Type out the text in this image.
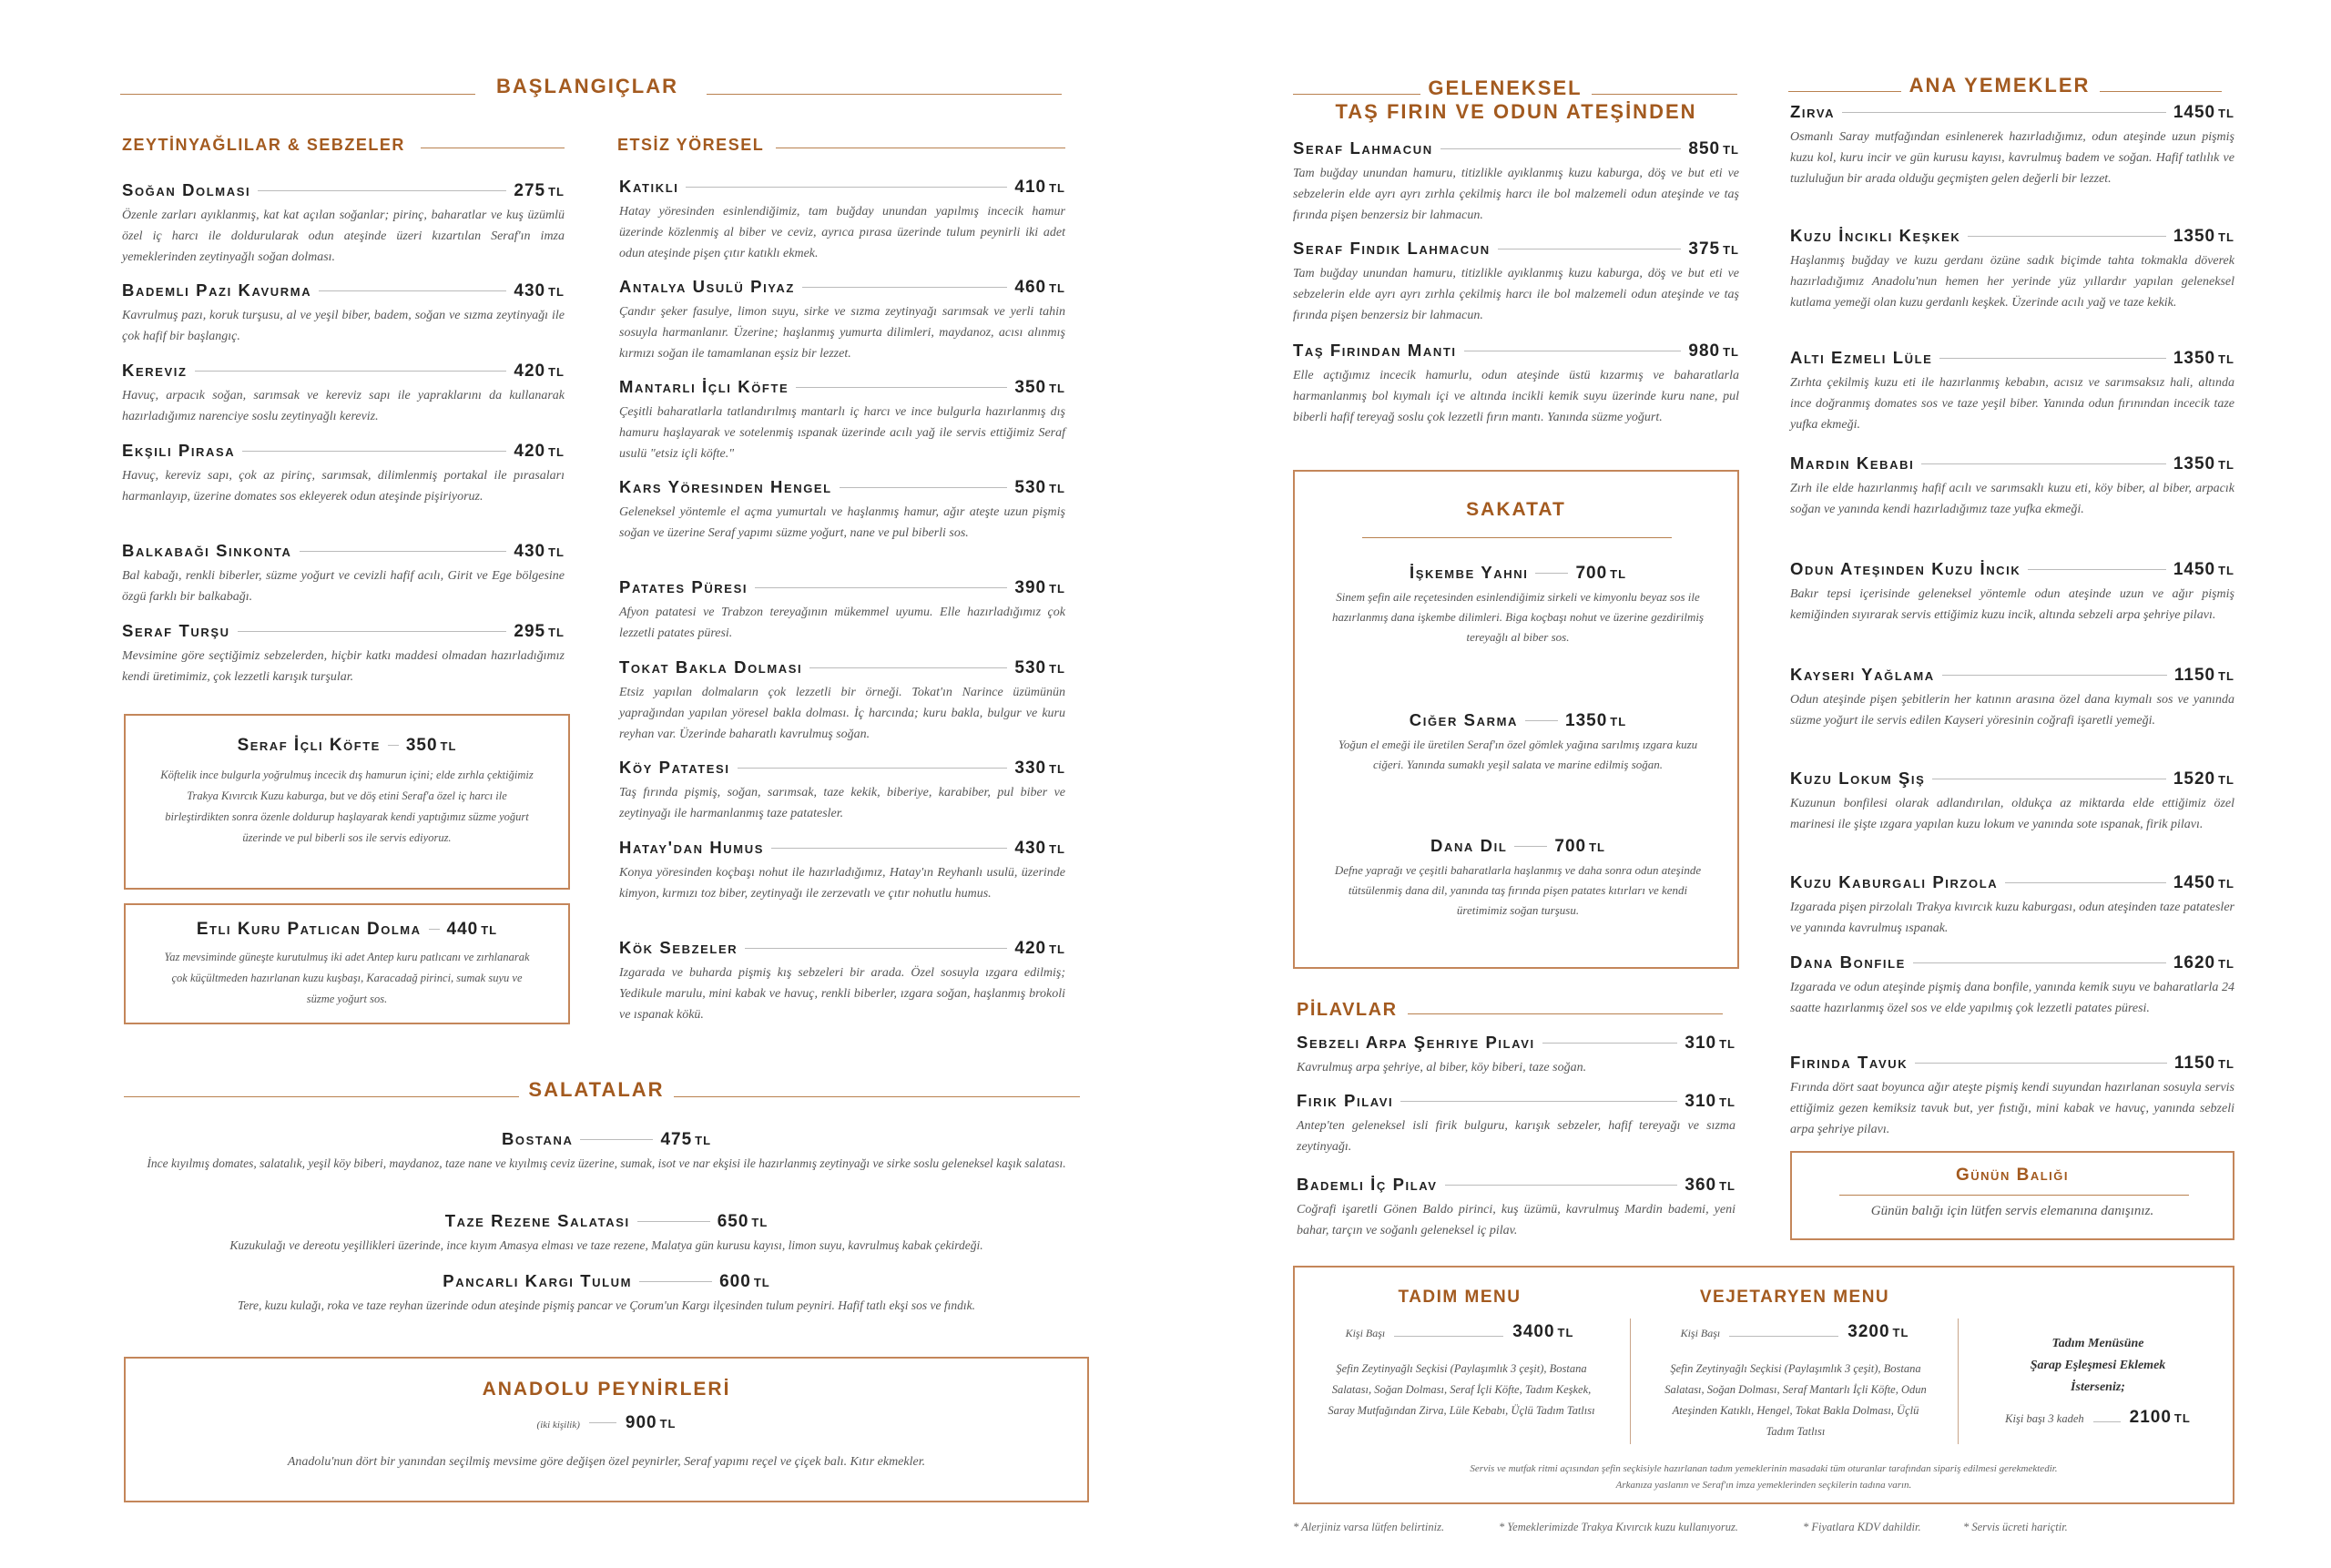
BAŞLANGIÇLAR
ZEYTİNYAĞLILAR & SEBZELER
Soğan Dolması	275 TL
Özenle zarları ayıklanmış, kat kat açılan soğanlar; pirinç, baharatlar ve kuş üzümlü özel iç harcı ile doldurularak odun ateşinde üzeri kızartılan Seraf'ın imza yemeklerinden zeytinyağlı soğan dolması.
Bademli Pazı Kavurma	430 TL
Kavrulmuş pazı, koruk turşusu, al ve yeşil biber, badem, soğan ve sızma zeytinyağı ile çok hafif bir başlangıç.
Kereviz	420 TL
Havuç, arpacık soğan, sarımsak ve kereviz sapı ile yapraklarını da kullanarak hazırladığımız narenciye soslu zeytinyağlı kereviz.
Ekşili Pırasa	420 TL
Havuç, kereviz sapı, çok az pirinç, sarımsak, dilimlenmiş portakal ile pırasaları harmanlayıp, üzerine domates sos ekleyerek odun ateşinde pişiriyoruz.
Balkabağı Sinkonta	430 TL
Bal kabağı, renkli biberler, süzme yoğurt ve cevizli hafif acılı, Girit ve Ege bölgesine özgü farklı bir balkabağı.
Seraf Turşu	295 TL
Mevsimine göre seçtiğimiz sebzelerden, hiçbir katkı maddesi olmadan hazırladığımız kendi üretimimiz, çok lezzetli karışık turşular.
Seraf İçli Köfte 350 TL
Köftelik ince bulgurla yoğrulmuş incecik dış hamurun içini; elde zırhla çektiğimiz Trakya Kıvırcık Kuzu kaburga, but ve döş etini Seraf'a özel iç harcı ile birleştirdikten sonra özenle doldurup haşlayarak kendi yaptığımız süzme yoğurt üzerinde ve pul biberli sos ile servis ediyoruz.
Etli Kuru Patlıcan Dolma 440 TL
Yaz mevsiminde güneşte kurutulmuş iki adet Antep kuru patlıcanı ve zırhlanarak çok küçültmeden hazırlanan kuzu kuşbaşı, Karacadağ pirinci, sumak suyu ve süzme yoğurt sos.
ETSİZ YÖRESEL
Katıklı	410 TL
Hatay yöresinden esinlendiğimiz, tam buğday unundan yapılmış incecik hamur üzerinde közlenmiş al biber ve ceviz, ayrıca pırasa üzerinde tulum peynirli iki adet odun ateşinde pişen çıtır katıklı ekmek.
Antalya Usulü Piyaz	460 TL
Çandır şeker fasulye, limon suyu, sirke ve sızma zeytinyağı sarımsak ve yerli tahin sosuyla harmanlanır. Üzerine; haşlanmış yumurta dilimleri, maydanoz, acısı alınmış kırmızı soğan ile tamamlanan eşsiz bir lezzet.
Mantarlı İçli Köfte	350 TL
Çeşitli baharatlarla tatlandırılmış mantarlı iç harcı ve ince bulgurla hazırlanmış dış hamuru haşlayarak ve sotelenmiş ıspanak üzerinde acılı yağ ile servis ettiğimiz Seraf usulü "etsiz içli köfte."
Kars Yöresinden Hengel	530 TL
Geleneksel yöntemle el açma yumurtalı ve haşlanmış hamur, ağır ateşte uzun pişmiş soğan ve üzerine Seraf yapımı süzme yoğurt, nane ve pul biberli sos.
Patates Püresi	390 TL
Afyon patatesi ve Trabzon tereyağının mükemmel uyumu. Elle hazırladığımız çok lezzetli patates püresi.
Tokat Bakla Dolması	530 TL
Etsiz yapılan dolmaların çok lezzetli bir örneği. Tokat'ın Narince üzümünün yaprağından yapılan yöresel bakla dolması. İç harcında; kuru bakla, bulgur ve kuru reyhan var. Üzerinde baharatlı kavrulmuş soğan.
Köy Patatesi	330 TL
Taş fırında pişmiş, soğan, sarımsak, taze kekik, biberiye, karabiber, pul biber ve zeytinyağı ile harmanlanmış taze patatesler.
Hatay'dan Humus	430 TL
Konya yöresinden koçbaşı nohut ile hazırladığımız, Hatay'ın Reyhanlı usulü, üzerinde kimyon, kırmızı toz biber, zeytinyağı ile zerzevatlı ve çıtır nohutlu humus.
Kök Sebzeler	420 TL
Izgarada ve buharda pişmiş kış sebzeleri bir arada. Özel sosuyla ızgara edilmiş; Yedikule marulu, mini kabak ve havuç, renkli biberler, ızgara soğan, haşlanmış brokoli ve ıspanak kökü.
SALATALAR
Bostana	475 TL
İnce kıyılmış domates, salatalık, yeşil köy biberi, maydanoz, taze nane ve kıyılmış ceviz üzerine, sumak, isot ve nar ekşisi ile hazırlanmış zeytinyağı ve sirke soslu geleneksel kaşık salatası.
Taze Rezene Salatası	650 TL
Kuzukulağı ve dereotu yeşillikleri üzerinde, ince kıyım Amasya elması ve taze rezene, Malatya gün kurusu kayısı, limon suyu, kavrulmuş kabak çekirdeği.
Pancarlı Kargı Tulum	600 TL
Tere, kuzu kulağı, roka ve taze reyhan üzerinde odun ateşinde pişmiş pancar ve Çorum'un Kargı ilçesinden tulum peyniri. Hafif tatlı ekşi sos ve fındık.
ANADOLU PEYNİRLERİ
(iki kişilik)	900 TL
Anadolu'nun dört bir yanından seçilmiş mevsime göre değişen özel peynirler, Seraf yapımı reçel ve çiçek balı. Kıtır ekmekler.
GELENEKSEL
TAŞ FIRIN VE ODUN ATEŞİNDEN
Seraf Lahmacun	850 TL
Tam buğday unundan hamuru, titizlikle ayıklanmış kuzu kaburga, döş ve but eti ve sebzelerin elde ayrı ayrı zırhla çekilmiş harcı ile bol malzemeli odun ateşinde ve taş fırında pişen benzersiz bir lahmacun.
Seraf Fındık Lahmacun	375 TL
Tam buğday unundan hamuru, titizlikle ayıklanmış kuzu kaburga, döş ve but eti ve sebzelerin elde ayrı ayrı zırhla çekilmiş harcı ile bol malzemeli odun ateşinde ve taş fırında pişen benzersiz bir lahmacun.
Taş Fırından Mantı	980 TL
Elle açtığımız incecik hamurlu, odun ateşinde üstü kızarmış ve baharatlarla harmanlanmış bol kıymalı içi ve altında incikli kemik suyu üzerinde kuru nane, pul biberli hafif tereyağ soslu çok lezzetli fırın mantı. Yanında süzme yoğurt.
SAKATAT
İşkembe Yahni	700 TL
Sinem şefin aile reçetesinden esinlendiğimiz sirkeli ve kimyonlu beyaz sos ile hazırlanmış dana işkembe dilimleri. Biga koçbaşı nohut ve üzerine gezdirilmiş tereyağlı al biber sos.
Ciğer Sarma	1350 TL
Yoğun el emeği ile üretilen Seraf'ın özel gömlek yağına sarılmış ızgara kuzu ciğeri. Yanında sumaklı yeşil salata ve marine edilmiş soğan.
Dana Dil	700 TL
Defne yaprağı ve çeşitli baharatlarla haşlanmış ve daha sonra odun ateşinde tütsülenmiş dana dil, yanında taş fırında pişen patates kıtırları ve kendi üretimimiz soğan turşusu.
PİLAVLAR
Sebzeli Arpa Şehriye Pilavı	310 TL
Kavrulmuş arpa şehriye, al biber, köy biberi, taze soğan.
Firik Pilavı	310 TL
Antep'ten geleneksel isli firik bulguru, karışık sebzeler, hafif tereyağı ve sızma zeytinyağı.
Bademli İç Pilav	360 TL
Coğrafi işaretli Gönen Baldo pirinci, kuş üzümü, kavrulmuş Mardin bademi, yeni bahar, tarçın ve soğanlı geleneksel iç pilav.
ANA YEMEKLER
Zirva	1450 TL
Osmanlı Saray mutfağından esinlenerek hazırladığımız, odun ateşinde uzun pişmiş kuzu kol, kuru incir ve gün kurusu kayısı, kavrulmuş badem ve soğan. Hafif tatlılık ve tuzluluğun bir arada olduğu geçmişten gelen değerli bir lezzet.
Kuzu İncikli Keşkek	1350 TL
Haşlanmış buğday ve kuzu gerdanı özüne sadık biçimde tahta tokmakla döverek hazırladığımız Anadolu'nun hemen her yerinde yüz yıllardır yapılan geleneksel kutlama yemeği olan kuzu gerdanlı keşkek. Üzerinde acılı yağ ve taze kekik.
Altı Ezmeli Lüle	1350 TL
Zırhta çekilmiş kuzu eti ile hazırlanmış kebabın, acısız ve sarımsaksız hali, altında ince doğranmış domates sos ve taze yeşil biber. Yanında odun fırınından incecik taze yufka ekmeği.
Mardin Kebabı	1350 TL
Zırh ile elde hazırlanmış hafif acılı ve sarımsaklı kuzu eti, köy biber, al biber, arpacık soğan ve yanında kendi hazırladığımız taze yufka ekmeği.
Odun Ateşinden Kuzu İncik	1450 TL
Bakır tepsi içerisinde geleneksel yöntemle odun ateşinde uzun ve ağır pişmiş kemiğinden sıyırarak servis ettiğimiz kuzu incik, altında sebzeli arpa şehriye pilavı.
Kayseri Yağlama	1150 TL
Odun ateşinde pişen şebitlerin her katının arasına özel dana kıymalı sos ve yanında süzme yoğurt ile servis edilen Kayseri yöresinin coğrafi işaretli yemeği.
Kuzu Lokum Şiş	1520 TL
Kuzunun bonfilesi olarak adlandırılan, oldukça az miktarda elde ettiğimiz özel marinesi ile şişte ızgara yapılan kuzu lokum ve yanında sote ıspanak, firik pilavı.
Kuzu Kaburgalı Pirzola	1450 TL
Izgarada pişen pirzolalı Trakya kıvırcık kuzu kaburgası, odun ateşinden taze patatesler ve yanında kavrulmuş ıspanak.
Dana Bonfile	1620 TL
Izgarada ve odun ateşinde pişmiş dana bonfile, yanında kemik suyu ve baharatlarla 24 saatte hazırlanmış özel sos ve elde yapılmış çok lezzetli patates püresi.
Fırında Tavuk	1150 TL
Fırında dört saat boyunca ağır ateşte pişmiş kendi suyundan hazırlanan sosuyla servis ettiğimiz gezen kemiksiz tavuk but, yer fıstığı, mini kabak ve havuç, yanında sebzeli arpa şehriye pilavı.
Günün Balığı
Günün balığı için lütfen servis elemanına danışınız.
TADIM MENU
Kişi Başı	3400 TL
Şefin Zeytinyağlı Seçkisi (Paylaşımlık 3 çeşit), Bostana Salatası, Soğan Dolması, Seraf İçli Köfte, Tadım Keşkek, Saray Mutfağından Zirva, Lüle Kebabı, Üçlü Tadım Tatlısı
VEJETARYEN MENU
Kişi Başı	3200 TL
Şefin Zeytinyağlı Seçkisi (Paylaşımlık 3 çeşit), Bostana Salatası, Soğan Dolması, Seraf Mantarlı İçli Köfte, Odun Ateşinden Katıklı, Hengel, Tokat Bakla Dolması, Üçlü Tadım Tatlısı
Tadım Menüsüne
Şarap Eşleşmesi Eklemek
İsterseniz;
Kişi başı 3 kadeh	2100 TL
Servis ve mutfak ritmi açısından şefin seçkisiyle hazırlanan tadım yemeklerinin masadaki tüm oturanlar tarafından sipariş edilmesi gerekmektedir.
Arkanıza yaslanın ve Seraf'ın imza yemeklerinden seçkilerin tadına varın.
* Alerjiniz varsa lütfen belirtiniz.	* Yemeklerimizde Trakya Kıvırcık kuzu kullanıyoruz.	* Fiyatlara KDV dahildir.	* Servis ücreti hariçtir.
